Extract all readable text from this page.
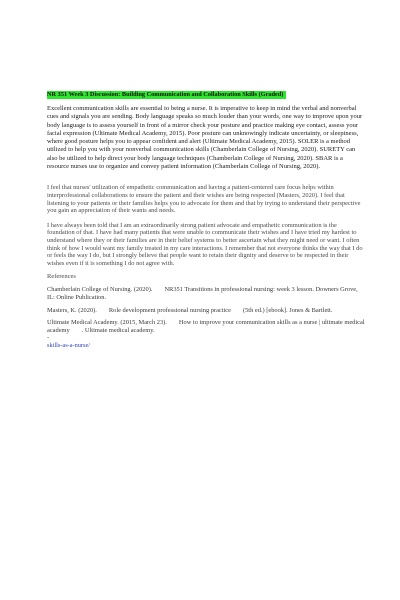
NR 351 Week 3 Discussion: Building Communication and Collaboration Skills (Graded)

Excellent communication skills are essential to being a nurse. It is imperative to keep in mind the verbal and nonverbal cues and signals you are sending. Body language speaks so much louder than your words, one way to improve upon your body language is to assess yourself in front of a mirror check your posture and practice making eye contact, assess your facial expression (Ultimate Medical Academy, 2015). Poor posture can unknowingly indicate uncertainty, or sleepiness, where good posture helps you to appear confident and alert (Ultimate Medical Academy, 2015). SOLER is a method utilized to help you with your nonverbal communication skills (Chamberlain College of Nursing, 2020). SURETY can also be utilized to help direct your body language techniques (Chamberlain College of Nursing, 2020). SBAR is a resource nurses use to organize and convey patient information (Chamberlain College of Nursing, 2020).

I feel that nurses' utilization of empathetic communication and having a patient-centered care focus helps within interprofessional collaborations to ensure the patient and their wishes are being respected (Masters, 2020). I feel that listening to your patients or their families helps you to advocate for them and that by trying to understand their perspective you gain an appreciation of their wants and needs.

I have always been told that I am an extraordinarily strong patient advocate and empathetic communication is the foundation of that. I have had many patients that were unable to communicate their wishes and I have tried my hardest to understand where they or their families are in their belief systems to better ascertain what they might need or want. I often think of how I would want my family treated in my care interactions. I remember that not everyone thinks the way that I do or feels the way I do, but I strongly believe that people want to retain their dignity and deserve to be respected in their wishes even if it is something I do not agree with.

References

Chamberlain College of Nursing. (2020). NR351 Transitions in professional nursing: week 3 lesson. Downers Grove, IL: Online Publication.

Masters, K. (2020). Role development professional nursing practice (5th ed.) [ebook]. Jones & Bartlett.

Ultimate Medical Academy. (2015, March 23). How to improve your communication skills as a nurse | ultimate medical academy . Ultimate medical academy.
-

skills-as-a-nurse/
